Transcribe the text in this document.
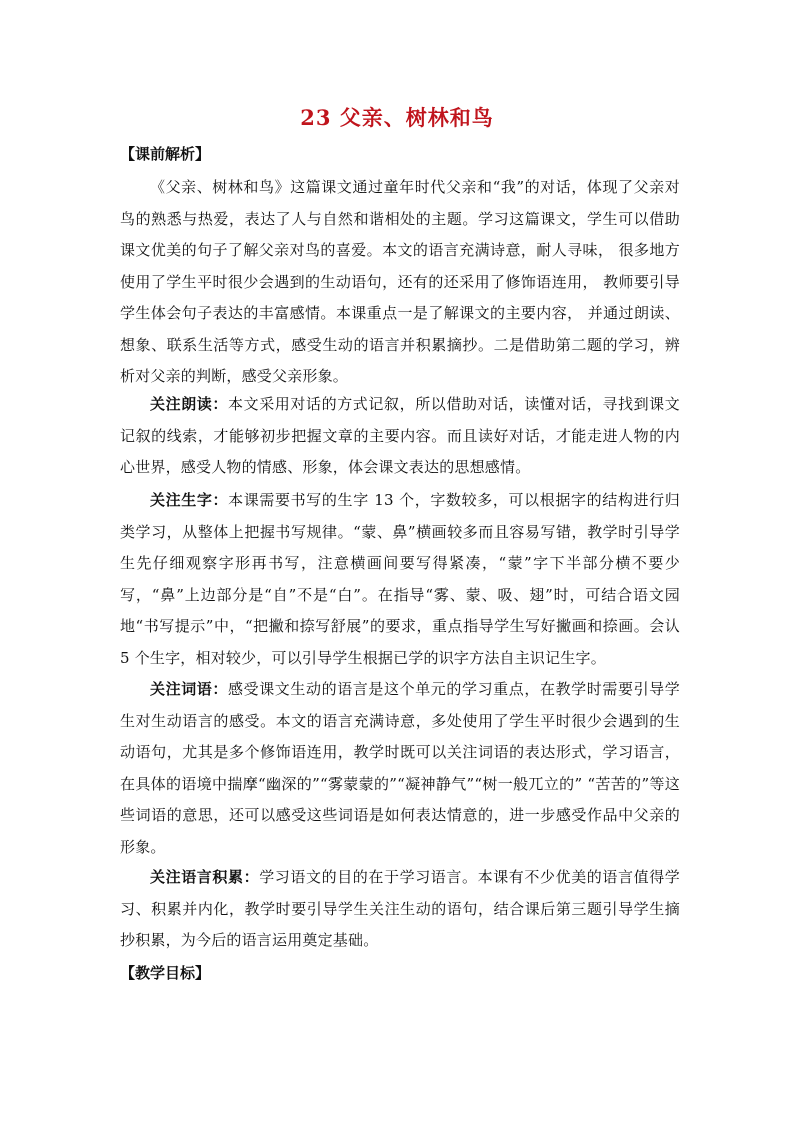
23 父亲、树林和鸟
【课前解析】
《父亲、树林和鸟》这篇课文通过童年时代父亲和“我”的对话，体现了父亲对鸟的熟悉与热爱，表达了人与自然和谐相处的主题。学习这篇课文，学生可以借助课文优美的句子了解父亲对鸟的喜爱。本文的语言充满诗意，耐人寻味， 很多地方使用了学生平时很少会遇到的生动语句，还有的还采用了修饰语连用， 教师要引导学生体会句子表达的丰富感情。本课重点一是了解课文的主要内容， 并通过朗读、想象、联系生活等方式，感受生动的语言并积累摘抄。二是借助第二题的学习，辨析对父亲的判断，感受父亲形象。
关注朗读：本文采用对话的方式记叙，所以借助对话，读懂对话，寻找到课文记叙的线索，才能够初步把握文章的主要内容。而且读好对话，才能走进人物的内心世界，感受人物的情感、形象，体会课文表达的思想感情。
关注生字：本课需要书写的生字 13 个，字数较多，可以根据字的结构进行归类学习，从整体上把握书写规律。“蒙、鼻”横画较多而且容易写错，教学时引导学生先仔细观察字形再书写，注意横画间要写得紧凑，“蒙”字下半部分横不要少写，“鼻”上边部分是“自”不是“白”。在指导“雾、蒙、吸、翅”时，可结合语文园地“书写提示”中，“把撇和捺写舒展”的要求，重点指导学生写好撇画和捺画。会认 5 个生字，相对较少，可以引导学生根据已学的识字方法自主识记生字。
关注词语：感受课文生动的语言是这个单元的学习重点，在教学时需要引导学生对生动语言的感受。本文的语言充满诗意，多处使用了学生平时很少会遇到的生动语句，尤其是多个修饰语连用，教学时既可以关注词语的表达形式，学习语言，在具体的语境中揣摩“幽深的”“雾蒙蒙的”“凝神静气”“树一般兀立的” “苦苦的”等这些词语的意思，还可以感受这些词语是如何表达情意的，进一步感受作品中父亲的形象。
关注语言积累：学习语文的目的在于学习语言。本课有不少优美的语言值得学习、积累并内化，教学时要引导学生关注生动的语句，结合课后第三题引导学生摘抄积累，为今后的语言运用奠定基础。
【教学目标】
